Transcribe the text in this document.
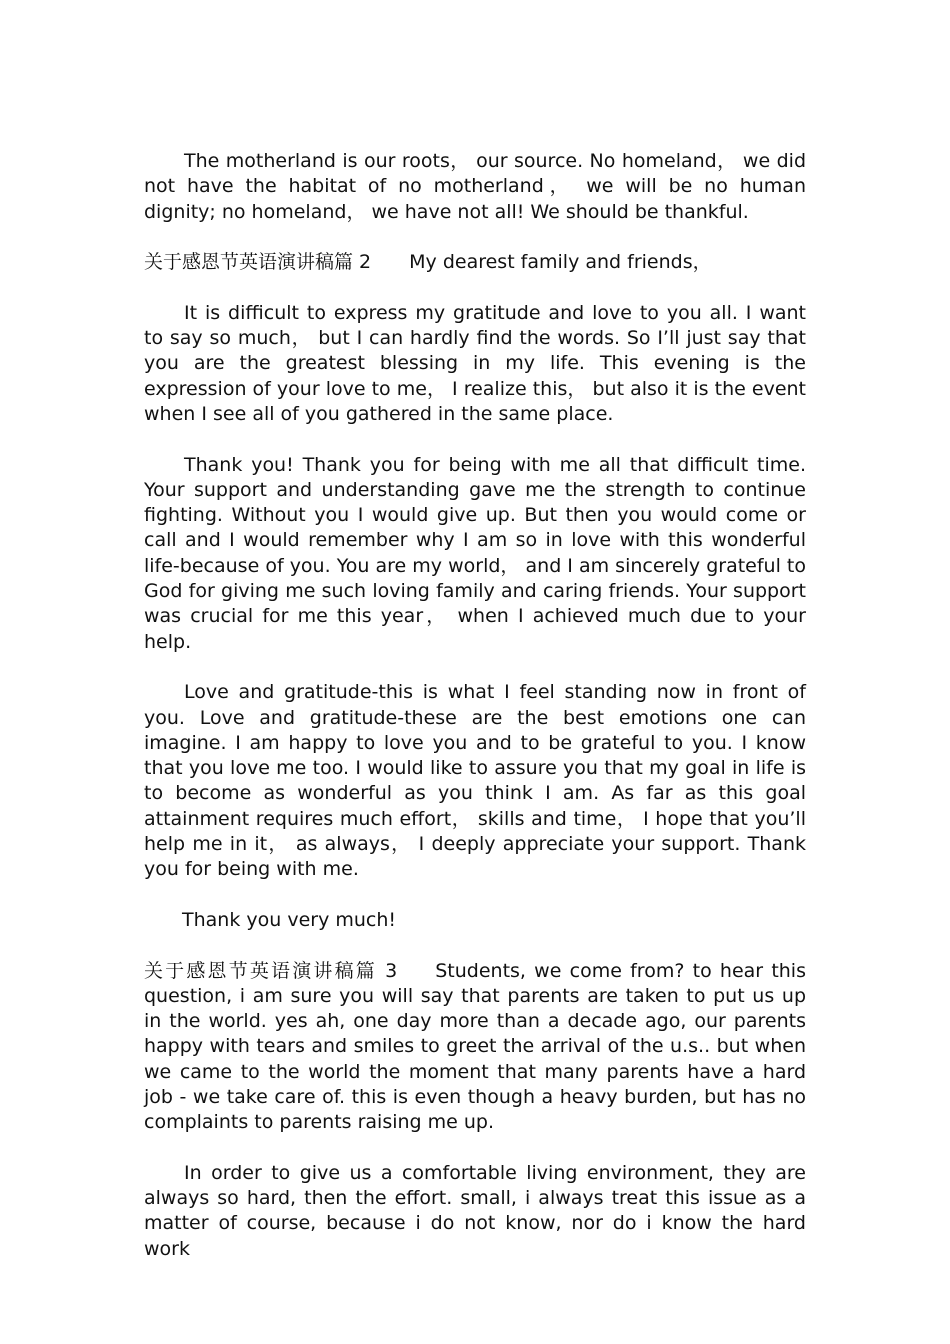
The motherland is our roots， our source. No homeland， we did not have the habitat of no motherland， we will be no human dignity; no homeland， we have not all! We should be thankful.

关于感恩节英语演讲稿篇 2 My dearest family and friends，

It is difficult to express my gratitude and love to you all. I want to say so much， but I can hardly find the words. So I’ll just say that you are the greatest blessing in my life. This evening is the expression of your love to me， I realize this， but also it is the event when I see all of you gathered in the same place.

Thank you! Thank you for being with me all that difficult time. Your support and understanding gave me the strength to continue fighting. Without you I would give up. But then you would come or call and I would remember why I am so in love with this wonderful life-because of you. You are my world， and I am sincerely grateful to God for giving me such loving family and caring friends. Your support was crucial for me this year， when I achieved much due to your help.

Love and gratitude-this is what I feel standing now in front of you. Love and gratitude-these are the best emotions one can imagine. I am happy to love you and to be grateful to you. I know that you love me too. I would like to assure you that my goal in life is to become as wonderful as you think I am. As far as this goal attainment requires much effort， skills and time， I hope that you’ll help me in it， as always， I deeply appreciate your support. Thank you for being with me.

Thank you very much!

关于感恩节英语演讲稿篇 3 Students, we come from? to hear this question, i am sure you will say that parents are taken to put us up in the world. yes ah, one day more than a decade ago, our parents happy with tears and smiles to greet the arrival of the u.s.. but when we came to the world the moment that many parents have a hard job - we take care of. this is even though a heavy burden, but has no complaints to parents raising me up.

In order to give us a comfortable living environment, they are always so hard, then the effort. small, i always treat this issue as a matter of course, because i do not know, nor do i know the hard work
